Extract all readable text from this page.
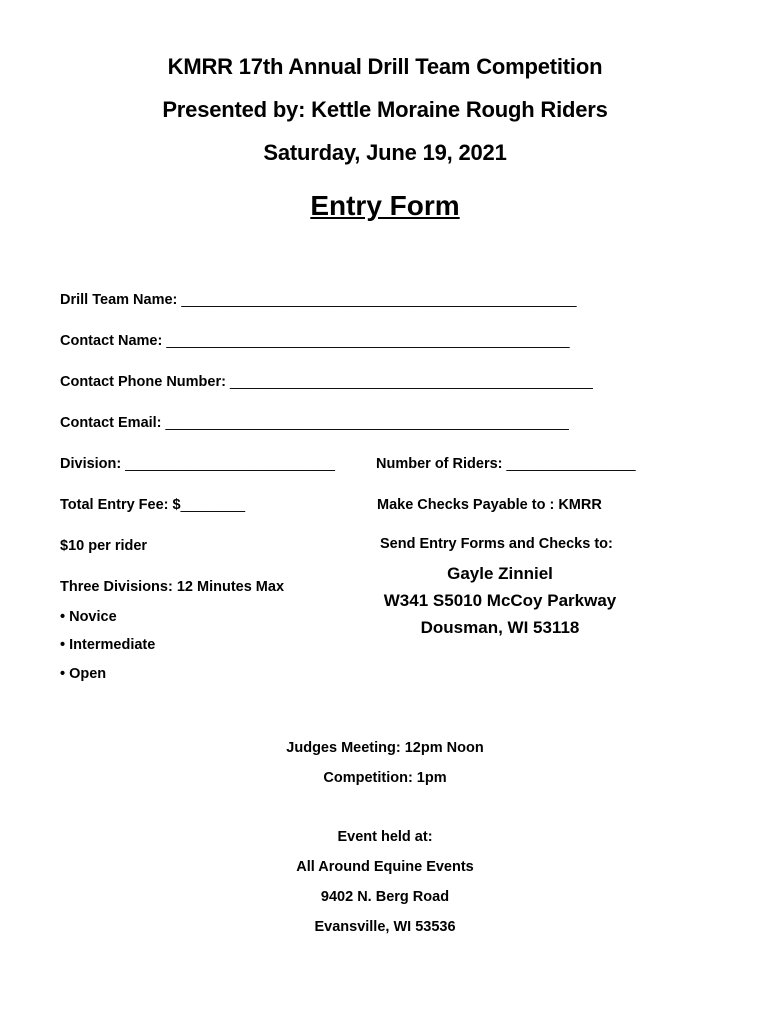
KMRR 17th Annual Drill Team Competition
Presented by: Kettle Moraine Rough Riders
Saturday, June 19, 2021
Entry Form
Drill Team Name: _________________________________________________
Contact Name: __________________________________________________
Contact Phone Number: _____________________________________________
Contact Email: __________________________________________________
Division: __________________________	Number of Riders: ________________
Total Entry Fee: $________	Make Checks Payable to : KMRR
Send Entry Forms and Checks to:
Gayle Zinniel
W341 S5010 McCoy Parkway
Dousman, WI 53118
$10 per rider
Three Divisions: 12 Minutes Max
• Novice
• Intermediate
• Open
Judges Meeting: 12pm Noon
Competition: 1pm
Event held at:
All Around Equine Events
9402 N. Berg Road
Evansville, WI 53536
